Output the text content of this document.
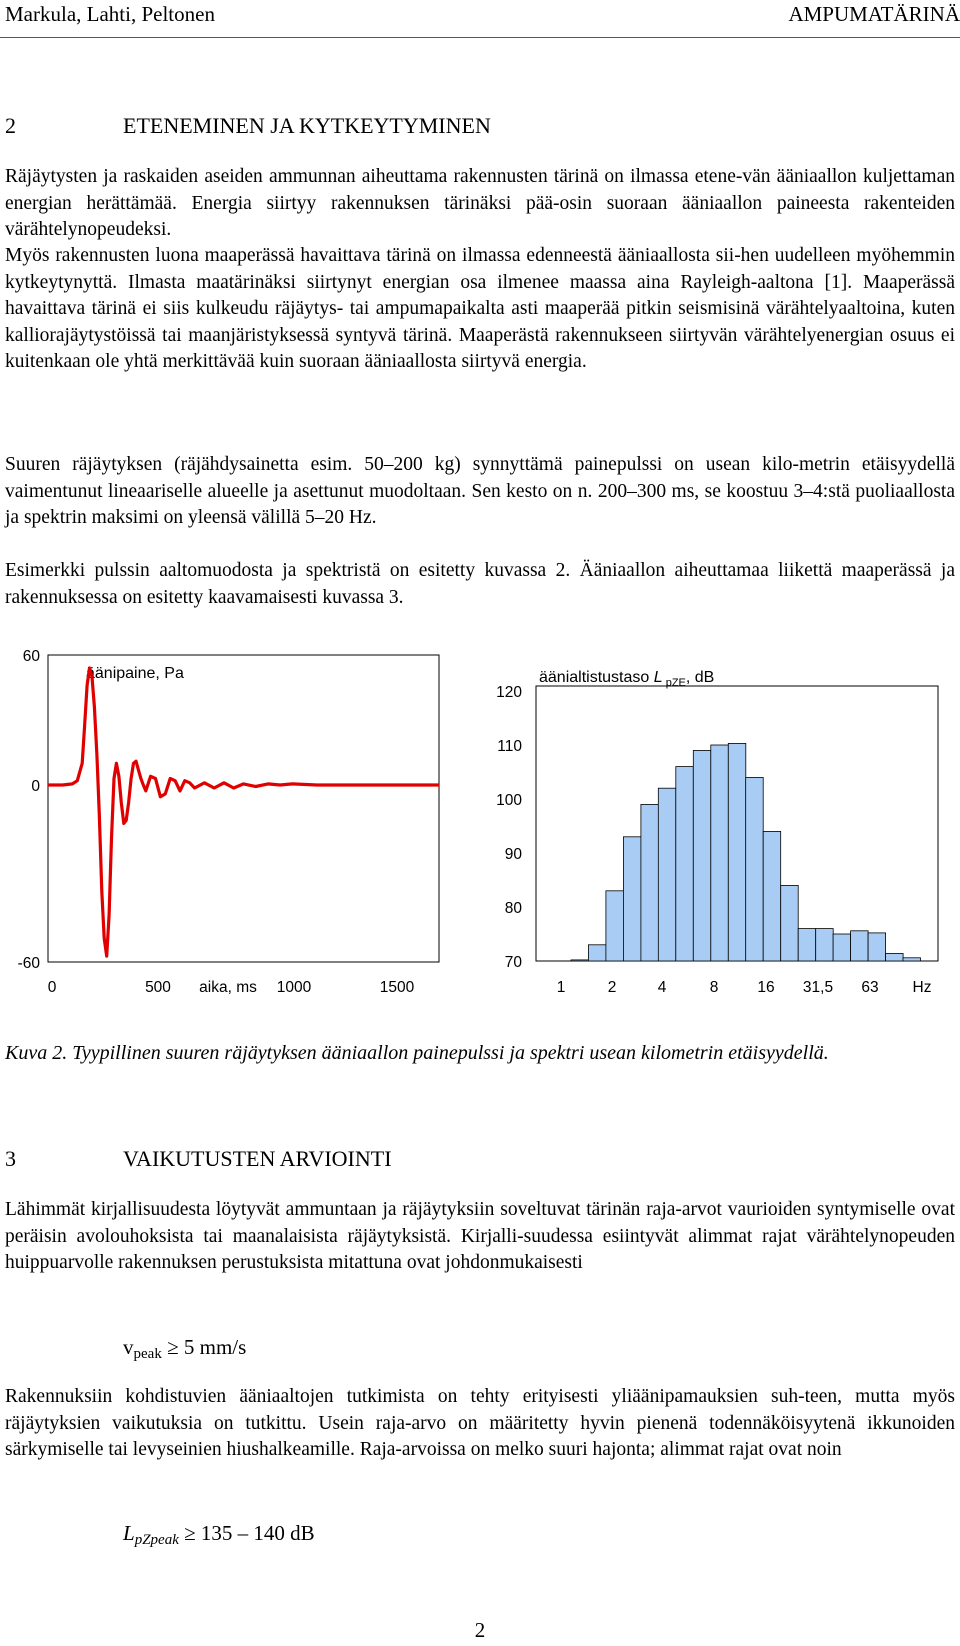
Markula, Lahti, Peltonen	AMPUMATÄRINÄ
2	ETENEMINEN JA KYTKEYTYMINEN

Räjäytysten ja raskaiden aseiden ammunnan aiheuttama rakennusten tärinä on ilmassa etene-vän ääniaallon kuljettaman energian herättämää. Energia siirtyy rakennuksen tärinäksi pää-osin suoraan ääniaallon paineesta rakenteiden värähtelynopeudeksi.

Myös rakennusten luona maaperässä havaittava tärinä on ilmassa edenneestä ääniaallosta sii-hen uudelleen myöhemmin kytkeytynyttä. Ilmasta maatärinäksi siirtynyt energian osa ilmenee maassa aina Rayleigh-aaltona [1]. Maaperässä havaittava tärinä ei siis kulkeudu räjäytys- tai ampumapaikalta asti maaperää pitkin seismisinä värähtelyaaltoina, kuten kalliorajäytystöissä tai maanjäristyksessä syntyvä tärinä. Maaperästä rakennukseen siirtyvän värähtelyenergian osuus ei kuitenkaan ole yhtä merkittävää kuin suoraan ääniaallosta siirtyvä energia.

Suuren räjäytyksen (räjähdysainetta esim. 50–200 kg) synnyttämä painepulssi on usean kilo-metrin etäisyydellä vaimentunut lineaariselle alueelle ja asettunut muodoltaan. Sen kesto on n. 200–300 ms, se koostuu 3–4:stä puoliaallosta ja spektrin maksimi on yleensä välillä 5–20 Hz.

Esimerkki pulssin aaltomuodosta ja spektristä on esitetty kuvassa 2. Ääniaallon aiheuttamaa liikettä maaperässä ja rakennuksessa on esitetty kaavamaisesti kuvassa 3.

äänipaine, Pa
-60
0
60
0	500	1000	1500
aika, ms
äänialtistustaso L $_{pZE}$, dB
70
80
90
100
110
120
1	2	4	8	16 31,5 63 Hz

Kuva 2. Tyypillinen suuren räjäytyksen ääniaallon painepulssi ja spektri usean kilometrin etäisyydellä.

3	VAIKUTUSTEN ARVIOINTI

Lähimmät kirjallisuudesta löytyvät ammuntaan ja räjäytyksiin soveltuvat tärinän raja-arvot vaurioiden syntymiselle ovat peräisin avolouhoksista tai maanalaisista räjäytyksistä. Kirjalli-suudessa esiintyvät alimmat rajat värähtelynopeuden huippuarvolle rakennuksen perustuksista mitattuna ovat johdonmukaisesti

$v_{peak} \ge 5$ mm/s

Rakennuksiin kohdistuvien ääniaaltojen tutkimista on tehty erityisesti yliäänipamauksien suh-teen, mutta myös räjäytyksien vaikutuksia on tutkittu. Usein raja-arvo on määritetty hyvin pienenä todennäköisyytenä ikkunoiden särkymiselle tai levyseinien hiushalkeamille. Raja-arvoissa on melko suuri hajonta; alimmat rajat ovat noin

$L_{pZpeak} \ge 135 - 140$ dB
2
